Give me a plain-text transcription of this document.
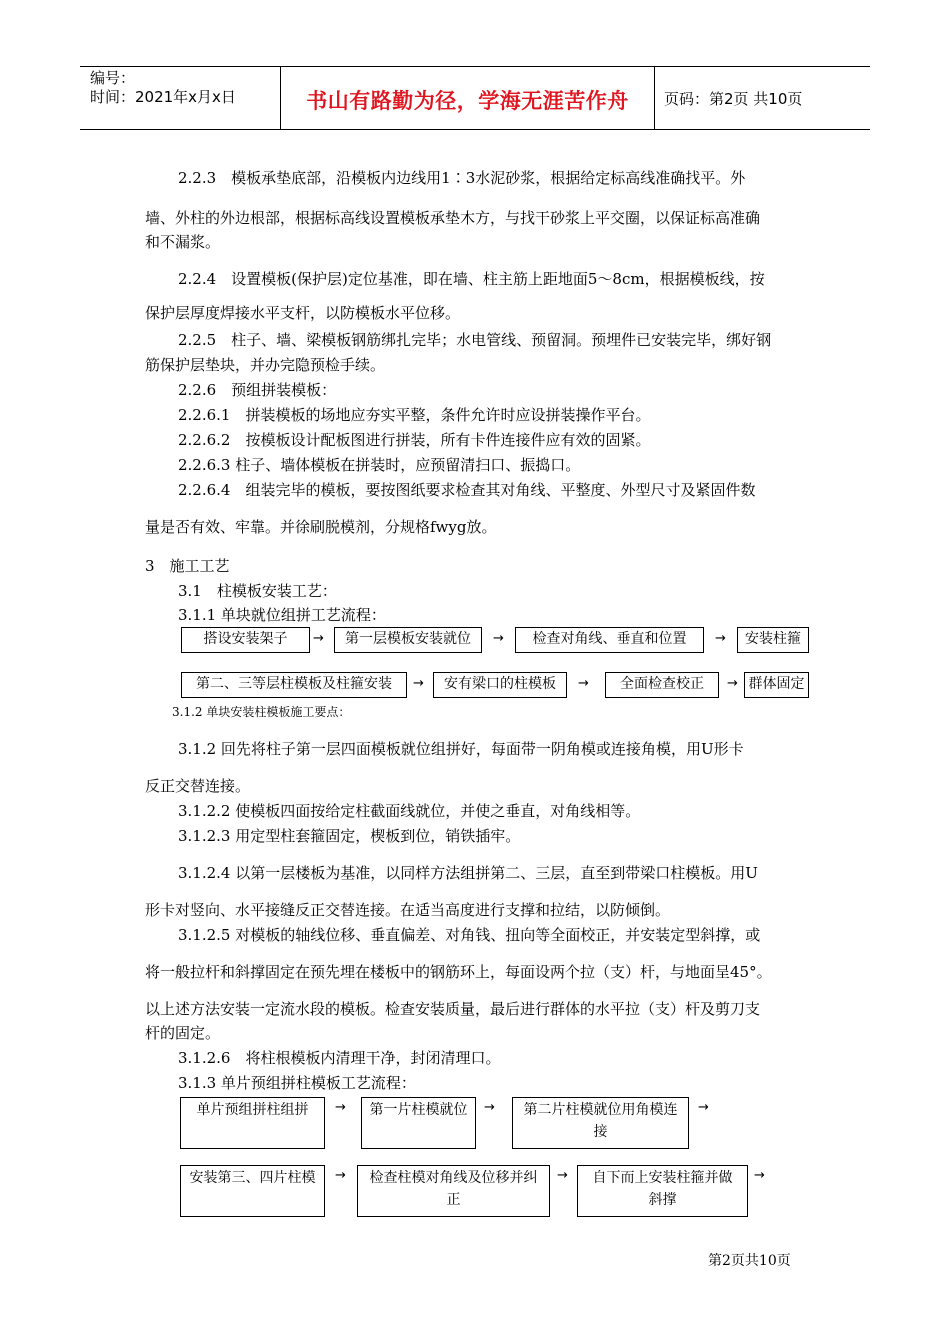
编号：
时间：2021年x月x日	书山有路勤为径，学海无涯苦作舟	页码：第2页 共10页
2.2.3　模板承垫底部，沿模板内边线用1∶3水泥砂浆，根据给定标高线准确找平。外
墙、外柱的外边根部，根据标高线设置模板承垫木方，与找干砂浆上平交圈，以保证标高准确
和不漏浆。
2.2.4　设置模板(保护层)定位基准，即在墙、柱主筋上距地面5～8cm，根据模板线，按
保护层厚度焊接水平支杆，以防模板水平位移。
2.2.5　柱子、墙、梁模板钢筋绑扎完毕；水电管线、预留洞。预埋件已安装完毕，绑好钢
筋保护层垫块，并办完隐预检手续。
2.2.6　预组拼装模板：
2.2.6.1　拼装模板的场地应夯实平整，条件允许时应设拼装操作平台。
2.2.6.2　按模板设计配板图进行拼装，所有卡件连接件应有效的固紧。
2.2.6.3 柱子、墙体模板在拼装时，应预留清扫口、振捣口。
2.2.6.4　组装完毕的模板，要按图纸要求检查其对角线、平整度、外型尺寸及紧固件数
量是否有效、牢靠。并徐刷脱模剂，分规格fwyg放。
3　施工工艺
3.1　柱模板安装工艺：
3.1.1 单块就位组拼工艺流程：
搭设安装架子	→	第一层模板安装就位	→	检查对角线、垂直和位置	→	安装柱箍
第二、三等层柱模板及柱箍安装	→	安有梁口的柱模板	→	全面检查校正	→ 群体固定
3.1.2 单块安装柱模板施工要点：
3.1.2 回先将柱子第一层四面模板就位组拼好，每面带一阴角模或连接角模，用U形卡
反正交替连接。
3.1.2.2 使模板四面按给定柱截面线就位，并使之垂直，对角线相等。
3.1.2.3 用定型柱套箍固定，楔板到位，销铁插牢。
3.1.2.4 以第一层楼板为基准，以同样方法组拼第二、三层，直至到带梁口柱模板。用U
形卡对竖向、水平接缝反正交替连接。在适当高度进行支撑和拉结，以防倾倒。
3.1.2.5 对模板的轴线位移、垂直偏差、对角钱、扭向等全面校正，并安装定型斜撑，或
将一般拉杆和斜撑固定在预先埋在楼板中的钢筋环上，每面设两个拉（支）杆，与地面呈45°。
以上述方法安装一定流水段的模板。检查安装质量，最后进行群体的水平拉（支）杆及剪刀支
杆的固定。
3.1.2.6　将柱根模板内清理干净，封闭清理口。
3.1.3 单片预组拼柱模板工艺流程：
单片预组拼柱组拼	→	第一片柱模就位	→	第二片柱模就位用角模连接
→
安装第三、四片柱模	→	检查柱模对角线及位移并纠正
→	自下而上安装柱箍并做斜撑
→
第2页共10页
